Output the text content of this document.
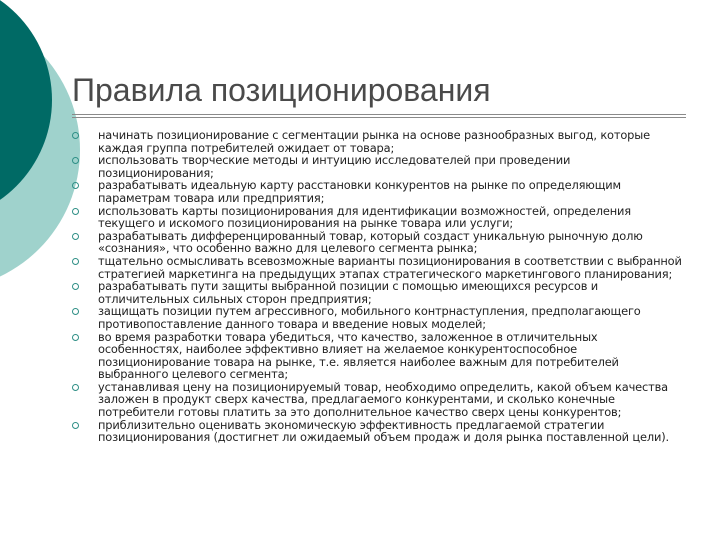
Правила позиционирования
начинать позиционирование с сегментации рынка на основе разнообразных выгод, которые каждая группа потребителей ожидает от товара;
использовать творческие методы и интуицию исследователей при проведении позиционирования;
разрабатывать идеальную карту расстановки конкурентов на рынке по определяющим параметрам товара или предприятия;
использовать карты позиционирования для идентификации возможностей, определения текущего и искомого позиционирования на рынке товара или услуги;
разрабатывать дифференцированный товар, который создаст уникальную рыночную долю «сознания», что особенно важно для целевого сегмента рынка;
тщательно осмысливать всевозможные варианты позиционирования в соответствии с выбранной стратегией маркетинга на предыдущих этапах стратегического маркетингового планирования;
разрабатывать пути защиты выбранной позиции с помощью имеющихся ресурсов и отличительных сильных сторон предприятия;
защищать позиции путем агрессивного, мобильного контрнаступления, предполагающего противопоставление данного товара и введение новых моделей;
во время разработки товара убедиться, что качество, заложенное в отличительных особенностях, наиболее эффективно влияет на желаемое конкурентоспособное позиционирование товара на рынке, т.е. является наиболее важным для потребителей выбранного целевого сегмента;
устанавливая цену на позиционируемый товар, необходимо определить, какой объем качества заложен в продукт сверх качества, предлагаемого конкурентами, и сколько конечные потребители готовы платить за это дополнительное качество сверх цены конкурентов;
приблизительно оценивать экономическую эффективность предлагаемой стратегии позиционирования (достигнет ли ожидаемый объем продаж и доля рынка поставленной цели).
